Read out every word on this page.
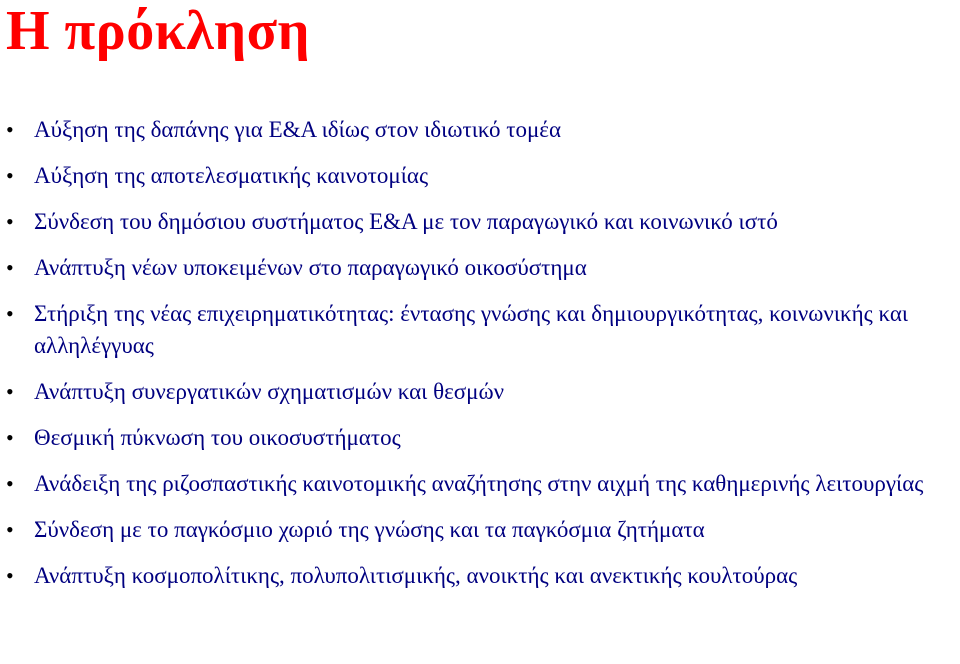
Η πρόκληση
• Αύξηση της δαπάνης για Ε&Α ιδίως στον ιδιωτικό τομέα
• Αύξηση της αποτελεσματικής καινοτομίας
• Σύνδεση του δημόσιου συστήματος Ε&Α με τον παραγωγικό και κοινωνικό ιστό
• Ανάπτυξη νέων υποκειμένων στο παραγωγικό οικοσύστημα
• Στήριξη της νέας επιχειρηματικότητας: έντασης γνώσης και δημιουργικότητας, κοινωνικής και αλληλέγγυας
• Ανάπτυξη συνεργατικών σχηματισμών και θεσμών
• Θεσμική πύκνωση του οικοσυστήματος
• Ανάδειξη της ριζοσπαστικής καινοτομικής αναζήτησης στην αιχμή της καθημερινής λειτουργίας
• Σύνδεση με το παγκόσμιο χωριό της γνώσης και τα παγκόσμια ζητήματα
• Ανάπτυξη κοσμοπολίτικης, πολυπολιτισμικής, ανοικτής και ανεκτικής κουλτούρας
